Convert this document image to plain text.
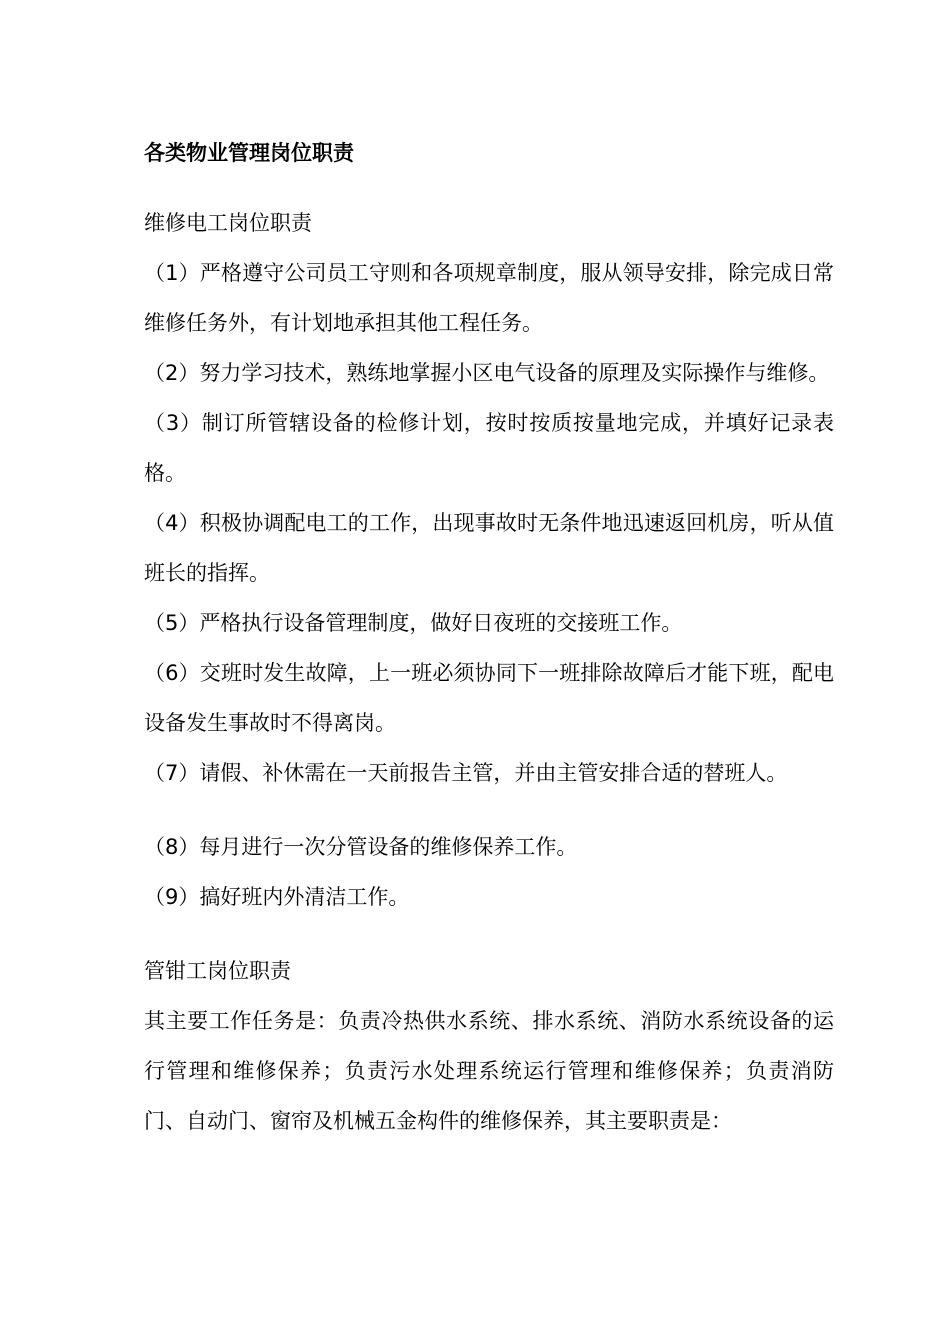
各类物业管理岗位职责
维修电工岗位职责

（1）严格遵守公司员工守则和各项规章制度，服从领导安排，除完成日常维修任务外，有计划地承担其他工程任务。

（2）努力学习技术，熟练地掌握小区电气设备的原理及实际操作与维修。

（3）制订所管辖设备的检修计划，按时按质按量地完成，并填好记录表格。

（4）积极协调配电工的工作，出现事故时无条件地迅速返回机房，听从值班长的指挥。

（5）严格执行设备管理制度，做好日夜班的交接班工作。

（6）交班时发生故障，上一班必须协同下一班排除故障后才能下班，配电设备发生事故时不得离岗。

（7）请假、补休需在一天前报告主管，并由主管安排合适的替班人。

（8）每月进行一次分管设备的维修保养工作。

（9）搞好班内外清洁工作。

管钳工岗位职责

其主要工作任务是：负责冷热供水系统、排水系统、消防水系统设备的运行管理和维修保养；负责污水处理系统运行管理和维修保养；负责消防门、自动门、窗帘及机械五金构件的维修保养，其主要职责是：
